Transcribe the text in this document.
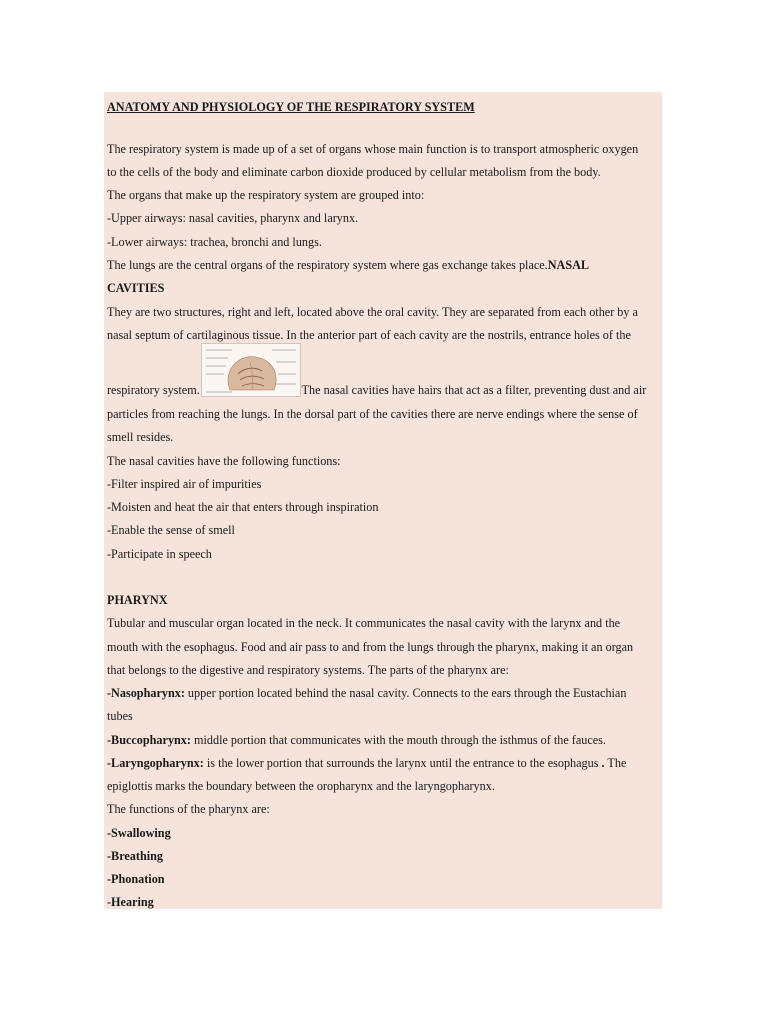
ANATOMY AND PHYSIOLOGY OF THE RESPIRATORY SYSTEM
The respiratory system is made up of a set of organs whose main function is to transport atmospheric oxygen
to the cells of the body and eliminate carbon dioxide produced by cellular metabolism from the body.
The organs that make up the respiratory system are grouped into:
-Upper airways: nasal cavities, pharynx and larynx.
-Lower airways: trachea, bronchi and lungs.
The lungs are the central organs of the respiratory system where gas exchange takes place.NASAL
CAVITIES
They are two structures, right and left, located above the oral cavity. They are separated from each other by a
nasal septum of cartilaginous tissue. In the anterior part of each cavity are the nostrils, entrance holes of the
respiratory system.	The nasal cavities have hairs that act as a filter, preventing dust and air
particles from reaching the lungs. In the dorsal part of the cavities there are nerve endings where the sense of
smell resides.
The nasal cavities have the following functions:
-Filter inspired air of impurities
-Moisten and heat the air that enters through inspiration
-Enable the sense of smell
-Participate in speech
PHARYNX
Tubular and muscular organ located in the neck. It communicates the nasal cavity with the larynx and the
mouth with the esophagus. Food and air pass to and from the lungs through the pharynx, making it an organ
that belongs to the digestive and respiratory systems. The parts of the pharynx are:
-Nasopharynx: upper portion located behind the nasal cavity. Connects to the ears through the Eustachian
tubes
-Buccopharynx: middle portion that communicates with the mouth through the isthmus of the fauces.
-Laryngopharynx: is the lower portion that surrounds the larynx until the entrance to the esophagus . The
epiglottis marks the boundary between the oropharynx and the laryngopharynx.
The functions of the pharynx are:
-Swallowing
-Breathing
-Phonation
-Hearing
